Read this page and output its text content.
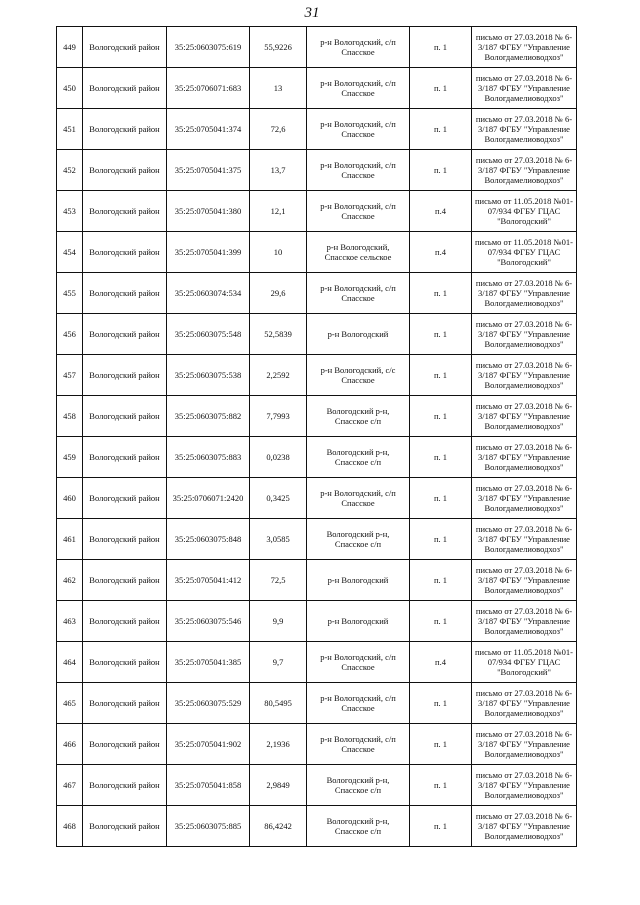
31
449	Вологодский район	35:25:0603075:619	55,9226	р-н Вологодский, с/п Спасское	п. 1	письмо от 27.03.2018 № 6-3/187 ФГБУ "Управление Вологдамелиоводхоз"
450	Вологодский район	35:25:0706071:683	13	р-н Вологодский, с/п Спасское	п. 1	письмо от 27.03.2018 № 6-3/187 ФГБУ "Управление Вологдамелиоводхоз"
451	Вологодский район	35:25:0705041:374	72,6	р-н Вологодский, с/п Спасское	п. 1	письмо от 27.03.2018 № 6-3/187 ФГБУ "Управление Вологдамелиоводхоз"
452	Вологодский район	35:25:0705041:375	13,7	р-н Вологодский, с/п Спасское	п. 1	письмо от 27.03.2018 № 6-3/187 ФГБУ "Управление Вологдамелиоводхоз"
453	Вологодский район	35:25:0705041:380	12,1	р-н Вологодский, с/п Спасское	п.4	письмо от 11.05.2018 №01-07/934 ФГБУ ГЦАС "Вологодский"
454	Вологодский район	35:25:0705041:399	10	р-н Вологодский, Спасское сельское	п.4	письмо от 11.05.2018 №01-07/934 ФГБУ ГЦАС "Вологодский"
455	Вологодский район	35:25:0603074:534	29,6	р-н Вологодский, с/п Спасское	п. 1	письмо от 27.03.2018 № 6-3/187 ФГБУ "Управление Вологдамелиоводхоз"
456	Вологодский район	35:25:0603075:548	52,5839	р-н Вологодский	п. 1	письмо от 27.03.2018 № 6-3/187 ФГБУ "Управление Вологдамелиоводхоз"
457	Вологодский район	35:25:0603075:538	2,2592	р-н Вологодский, с/с Спасское	п. 1	письмо от 27.03.2018 № 6-3/187 ФГБУ "Управление Вологдамелиоводхоз"
458	Вологодский район	35:25:0603075:882	7,7993	Вологодский р-н, Спасское с/п	п. 1	письмо от 27.03.2018 № 6-3/187 ФГБУ "Управление Вологдамелиоводхоз"
459	Вологодский район	35:25:0603075:883	0,0238	Вологодский р-н, Спасское с/п	п. 1	письмо от 27.03.2018 № 6-3/187 ФГБУ "Управление Вологдамелиоводхоз"
460	Вологодский район	35:25:0706071:2420	0,3425	р-н Вологодский, с/п Спасское	п. 1	письмо от 27.03.2018 № 6-3/187 ФГБУ "Управление Вологдамелиоводхоз"
461	Вологодский район	35:25:0603075:848	3,0585	Вологодский р-н, Спасское с/п	п. 1	письмо от 27.03.2018 № 6-3/187 ФГБУ "Управление Вологдамелиоводхоз"
462	Вологодский район	35:25:0705041:412	72,5	р-н Вологодский	п. 1	письмо от 27.03.2018 № 6-3/187 ФГБУ "Управление Вологдамелиоводхоз"
463	Вологодский район	35:25:0603075:546	9,9	р-н Вологодский	п. 1	письмо от 27.03.2018 № 6-3/187 ФГБУ "Управление Вологдамелиоводхоз"
464	Вологодский район	35:25:0705041:385	9,7	р-н Вологодский, с/п Спасское	п.4	письмо от 11.05.2018 №01-07/934 ФГБУ ГЦАС "Вологодский"
465	Вологодский район	35:25:0603075:529	80,5495	р-н Вологодский, с/п Спасское	п. 1	письмо от 27.03.2018 № 6-3/187 ФГБУ "Управление Вологдамелиоводхоз"
466	Вологодский район	35:25:0705041:902	2,1936	р-н Вологодский, с/п Спасское	п. 1	письмо от 27.03.2018 № 6-3/187 ФГБУ "Управление Вологдамелиоводхоз"
467	Вологодский район	35:25:0705041:858	2,9849	Вологодский р-н, Спасское с/п	п. 1	письмо от 27.03.2018 № 6-3/187 ФГБУ "Управление Вологдамелиоводхоз"
468	Вологодский район	35:25:0603075:885	86,4242	Вологодский р-н, Спасское с/п	п. 1	письмо от 27.03.2018 № 6-3/187 ФГБУ "Управление Вологдамелиоводхоз"
